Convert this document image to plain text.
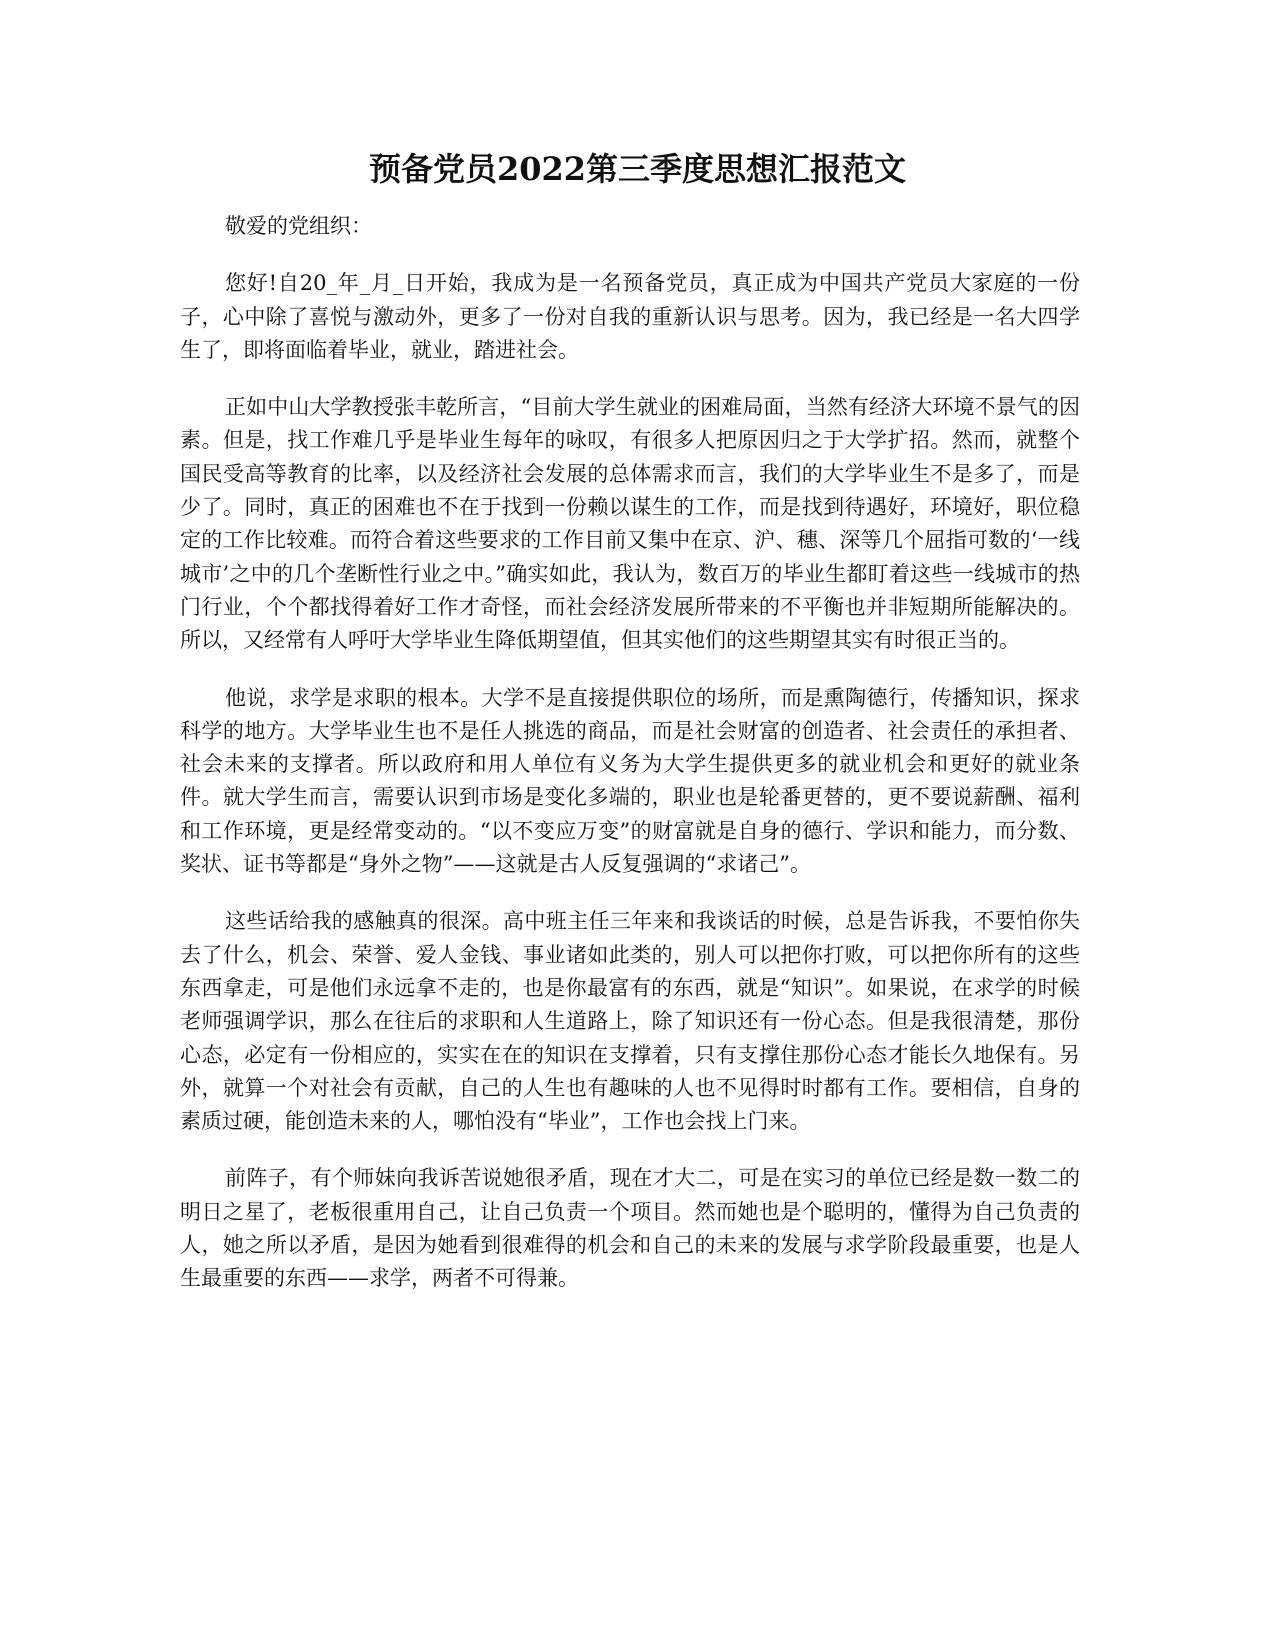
预备党员2022第三季度思想汇报范文

敬爱的党组织：

您好!自20_年_月_日开始，我成为是一名预备党员，真正成为中国共产党员大家庭的一份子，心中除了喜悦与激动外，更多了一份对自我的重新认识与思考。因为，我已经是一名大四学生了，即将面临着毕业，就业，踏进社会。

正如中山大学教授张丰乾所言，“目前大学生就业的困难局面，当然有经济大环境不景气的因素。但是，找工作难几乎是毕业生每年的咏叹，有很多人把原因归之于大学扩招。然而，就整个国民受高等教育的比率，以及经济社会发展的总体需求而言，我们的大学毕业生不是多了，而是少了。同时，真正的困难也不在于找到一份赖以谋生的工作，而是找到待遇好，环境好，职位稳定的工作比较难。而符合着这些要求的工作目前又集中在京、沪、穗、深等几个屈指可数的‘一线城市’之中的几个垄断性行业之中。”确实如此，我认为，数百万的毕业生都盯着这些一线城市的热门行业，个个都找得着好工作才奇怪，而社会经济发展所带来的不平衡也并非短期所能解决的。所以，又经常有人呼吁大学毕业生降低期望值，但其实他们的这些期望其实有时很正当的。

他说，求学是求职的根本。大学不是直接提供职位的场所，而是熏陶德行，传播知识，探求科学的地方。大学毕业生也不是任人挑选的商品，而是社会财富的创造者、社会责任的承担者、社会未来的支撑者。所以政府和用人单位有义务为大学生提供更多的就业机会和更好的就业条件。就大学生而言，需要认识到市场是变化多端的，职业也是轮番更替的，更不要说薪酬、福利和工作环境，更是经常变动的。“以不变应万变”的财富就是自身的德行、学识和能力，而分数、奖状、证书等都是“身外之物”——这就是古人反复强调的“求诸己”。

这些话给我的感触真的很深。高中班主任三年来和我谈话的时候，总是告诉我，不要怕你失去了什么，机会、荣誉、爱人金钱、事业诸如此类的，别人可以把你打败，可以把你所有的这些东西拿走，可是他们永远拿不走的，也是你最富有的东西，就是“知识”。如果说，在求学的时候老师强调学识，那么在往后的求职和人生道路上，除了知识还有一份心态。但是我很清楚，那份心态，必定有一份相应的，实实在在的知识在支撑着，只有支撑住那份心态才能长久地保有。另外，就算一个对社会有贡献，自己的人生也有趣味的人也不见得时时都有工作。要相信，自身的素质过硬，能创造未来的人，哪怕没有“毕业”，工作也会找上门来。

前阵子，有个师妹向我诉苦说她很矛盾，现在才大二，可是在实习的单位已经是数一数二的明日之星了，老板很重用自己，让自己负责一个项目。然而她也是个聪明的，懂得为自己负责的人，她之所以矛盾，是因为她看到很难得的机会和自己的未来的发展与求学阶段最重要，也是人生最重要的东西——求学，两者不可得兼。
